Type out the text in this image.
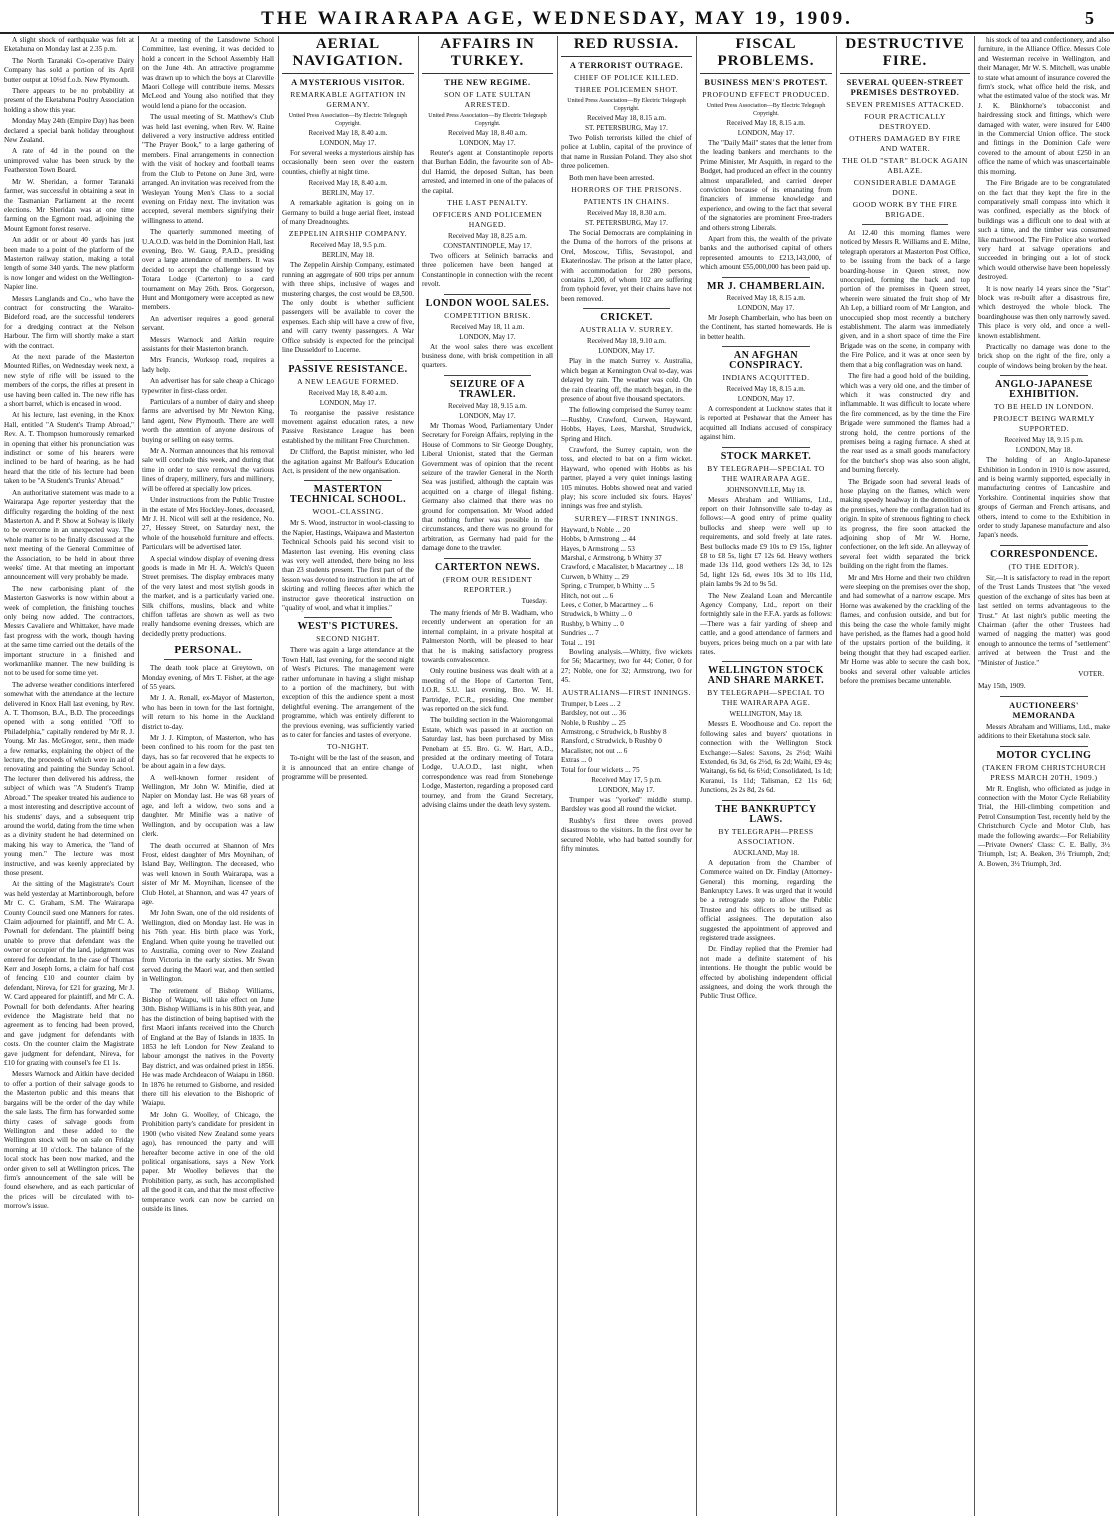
THE WAIRARAPA AGE, WEDNESDAY, MAY 19, 1909.	5

A slight shock of earthquake was felt at Eketahuna on Monday last at 2.35 p.m.

The North Taranaki Co-operative Dairy Company has sold a portion of its April butter output at 10½d f.o.b. New Plymouth.

There appears to be no probability at present of the Eketahuna Poultry Association holding a show this year.

Monday May 24th (Empire Day) has been declared a special bank holiday throughout New Zealand.

A rate of 4d in the pound on the unimproved value has been struck by the Featherston Town Board.

Mr W. Sheridan, a former Taranaki farmer, was successful in obtaining a seat in the Tasmanian Parliament at the recent elections. Mr Sheridan was at one time farming on the Egmont road, adjoining the Mount Egmont forest reserve.

An addit or or about 40 yards has just been made to a point of the platform of the Masterton railway station, making a total length of some 340 yards. The new platform is now longer and widest on the Wellington-Napier line.

Messrs Langlands and Co., who have the contract for constructing the Waraito-Bideford road, are the successful tenderers for a dredging contract at the Nelson Harbour. The firm will shortly make a start with the contract.

At the next parade of the Masterton Mounted Rifles, on Wednesday week next, a new style of rifle will be issued to the members of the corps, the rifles at present in use having been called in. The new rifle has a short barrel, which is encased in wood.

At his lecture, last evening, in the Knox Hall, entitled "A Student's Tramp Abroad," Rev. A. T. Thompson humorously remarked in opening that either his pronunciation was indistinct or some of his hearers were inclined to be hard of hearing, as he had heard that the title of his lecture had been taken to be "A Student's Trunks' Abroad."

An authoritative statement was made to a Wairarapa Age reporter yesterday that the difficulty regarding the holding of the next Masterton A. and P. Show at Solway is likely to be overcome in an unexpected way. The whole matter is to be finally discussed at the next meeting of the General Committee of the Association, to be held in about three weeks' time. At that meeting an important announcement will very probably be made.

The new carbonising plant of the Masterton Gasworks is now within about a week of completion, the finishing touches only being now added. The contractors, Messrs Cavaliere and Whittaker, have made fast progress with the work, though having at the same time carried out the details of the important structure in a finished and workmanlike manner. The new building is not to be used for some time yet.

The adverse weather conditions interfered somewhat with the attendance at the lecture delivered in Knox Hall last evening, by Rev. A. T. Thomson, B.A., B.D. The proceedings opened with a song entitled "Off to Philadelphia," capitally rendered by Mr R. J. Young. Mr Jas. McGregor, senr., then made a few remarks, explaining the object of the lecture, the proceeds of which were in aid of renovating and painting the Sunday School. The lecturer then delivered his address, the subject of which was "A Student's Tramp Abroad." The speaker treated his audience to a most interesting and descriptive account of his students' days, and a subsequent trip around the world, dating from the time when as a divinity student he had determined on making his way to America, the "land of young men." The lecture was most instructive, and was keenly appreciated by those present.

At the sitting of the Magistrate's Court was held yesterday at Martinborough, before Mr C. C. Graham, S.M. The Wairarapa County Council sued one Manners for rates. Claim adjourned for plaintiff, and Mr C. A. Pownall for defendant. The plaintiff being unable to prove that defendant was the owner or occupier of the land, judgment was entered for defendant. In the case of Thomas Kerr and Joseph Iorns, a claim for half cost of fencing £10 and counter claim by defendant, Nireva, for £21 for grazing, Mr J. W. Card appeared for plaintiff, and Mr C. A. Pownall for both defendants. After hearing evidence the Magistrate held that no agreement as to fencing had been proved, and gave judgment for defendants with costs. On the counter claim the Magistrate gave judgment for defendant, Nireva, for £10 for grazing with counsel's fee £1 1s.

Messrs Warnock and Aitkin have decided to offer a portion of their salvage goods to the Masterton public and this means that bargains will be the order of the day while the sale lasts. The firm has forwarded some thirty cases of salvage goods from Wellington and these added to the Wellington stock will be on sale on Friday morning at 10 o'clock. The balance of the local stock has been now marked, and the order given to sell at Wellington prices. The firm's announcement of the sale will be found elsewhere, and as each particular of the prices will be circulated with to-morrow's issue.

At a meeting of the Lansdowne School Committee, last evening, it was decided to hold a concert in the School Assembly Hall on the June 4th. An attractive programme was drawn up to which the boys at Clareville Maori College will contribute items. Messrs McLeod and Young also notified that they would lend a piano for the occasion.

The usual meeting of St. Matthew's Club was held last evening, when Rev. W. Raine delivered a very instructive address entitled "The Prayer Book," to a large gathering of members. Final arrangements in connection with the visit of hockey and football teams from the Club to Petone on June 3rd, were arranged. An invitation was received from the Wesleyan Young Men's Class to a social evening on Friday next. The invitation was accepted, several members signifying their willingness to attend.

The quarterly summoned meeting of U.A.O.D. was held in the Dominion Hall, last evening, Bro. W. Gaug, P.A.D., presiding over a large attendance of members. It was decided to accept the challenge issued by Totara Lodge (Carterton) to a card tournament on May 26th. Bros. Gorgerson, Hunt and Montgomery were accepted as new members.

An advertiser requires a good general servant.

Messrs Warnock and Aitkin require assistants for their Masterton branch.

Mrs Francis, Worksop road, requires a lady help.

An advertiser has for sale cheap a Chicago typewriter in first-class order.

Particulars of a number of dairy and sheep farms are advertised by Mr Newton King, land agent, New Plymouth. There are well worth the attention of anyone desirous of buying or selling on easy terms.

Mr A. Norman announces that his removal sale will conclude this week, and during that time in order to save removal the various lines of drapery, millinery, furs and millinery, will be offered at specially low prices.

Under instructions from the Public Trustee in the estate of Mrs Hockley-Jones, deceased, Mr J. H. Nicol will sell at the residence, No. 27, Hessey Street, on Saturday next, the whole of the household furniture and effects. Particulars will be advertised later.

A special window display of evening dress goods is made in Mr H. A. Welch's Queen Street premises. The display embraces many of the very latest and most stylish goods in the market, and is a particularly varied one. Silk chiffons, muslins, black and white chiffon taffetas are shown as well as two really handsome evening dresses, which are decidedly pretty productions.

PERSONAL.

The death took place at Greytown, on Monday evening, of Mrs T. Fisher, at the age of 55 years.

Mr J. A. Renall, ex-Mayor of Masterton, who has been in town for the last fortnight, will return to his home in the Auckland district to-day.

Mr J. J. Kimpton, of Masterton, who has been confined to his room for the past ten days, has so far recovered that he expects to be about again in a few days.

A well-known former resident of Wellington, Mr John W. Minifie, died at Napier on Monday last. He was 68 years of age, and left a widow, two sons and a daughter. Mr Minifie was a native of Wellington, and by occupation was a law clerk.

The death occurred at Shannon of Mrs Frost, eldest daughter of Mrs Moynihan, of Island Bay, Wellington. The deceased, who was well known in South Wairarapa, was a sister of Mr M. Moynihan, licensee of the Club Hotel, at Shannon, and was 47 years of age.

Mr John Swan, one of the old residents of Wellington, died on Monday last. He was in his 76th year. His birth place was York, England. When quite young he travelled out to Australia, coming over to New Zealand from Victoria in the early sixties. Mr Swan served during the Maori war, and then settled in Wellington.

The retirement of Bishop Williams, Bishop of Waiapu, will take effect on June 30th. Bishop Williams is in his 80th year, and has the distinction of being baptised with the first Maori infants received into the Church of England at the Bay of Islands in 1835. In 1853 he left London for New Zealand to labour amongst the natives in the Poverty Bay district, and was ordained priest in 1856. He was made Archdeacon of Waiapu in 1860. In 1876 he returned to Gisborne, and resided there till his elevation to the Bishopric of Waiapu.

Mr John G. Woolley, of Chicago, the Prohibition party's candidate for president in 1900 (who visited New Zealand some years ago), has renounced the party and will hereafter become active in one of the old political organisations, says a New York paper. Mr Woolley believes that the Prohibition party, as such, has accomplished all the good it can, and that the most effective temperance work can now be carried on outside its lines.

AERIAL NAVIGATION.
A MYSTERIOUS VISITOR.
REMARKABLE AGITATION IN GERMANY.
United Press Association—By Electric Telegraph Copyright.
Received May 18, 8.40 a.m.
LONDON, May 17.

For several weeks a mysterious airship has occasionally been seen over the eastern counties, chiefly at night time.

Received May 18, 8.40 a.m.
BERLIN, May 17.

A remarkable agitation is going on in Germany to build a huge aerial fleet, instead of many Dreadnoughts.

ZEPPELIN AIRSHIP COMPANY.
Received May 18, 9.5 p.m.
BERLIN, May 18.

The Zeppelin Airship Company, estimated running an aggregate of 600 trips per annum with three ships, inclusive of wages and mustering charges, the cost would be £8,500. The only doubt is whether sufficient passengers will be available to cover the expenses. Each ship will have a crew of five, and will carry twenty passengers. A War Office subsidy is expected for the principal line Dusseldorf to Lucerne.

PASSIVE RESISTANCE.
A NEW LEAGUE FORMED.
Received May 18, 8.40 a.m.
LONDON, May 17.

To reorganise the passive resistance movement against education rates, a new Passive Resistance League has been established by the militant Free Churchmen.

Dr Clifford, the Baptist minister, who led the agitation against Mr Balfour's Education Act, is president of the new organisation.

MASTERTON TECHNICAL SCHOOL.
WOOL-CLASSING.

Mr S. Wood, instructor in wool-classing to the Napier, Hastings, Waipawa and Masterton Technical Schools paid his second visit to Masterton last evening. His evening class was very well attended, there being no less than 23 students present. The first part of the lesson was devoted to instruction in the art of skirting and rolling fleeces after which the instructor gave theoretical instruction on "quality of wool, and what it implies."

WEST'S PICTURES.
SECOND NIGHT.

There was again a large attendance at the Town Hall, last evening, for the second night of West's Pictures. The management were rather unfortunate in having a slight mishap to a portion of the machinery, but with exception of this the audience spent a most delightful evening. The arrangement of the programme, which was entirely different to the previous evening, was sufficiently varied as to cater for fancies and tastes of everyone.

TO-NIGHT.

To-night will be the last of the season, and it is announced that an entire change of programme will be presented.

AFFAIRS IN TURKEY.
THE NEW REGIME.
SON OF LATE SULTAN ARRESTED.
United Press Association—By Electric Telegraph Copyright.
Received May 18, 8.40 a.m.
LONDON, May 17.

Reuter's agent at Constantinople reports that Burhan Eddin, the favourite son of Ab-dul Hamid, the deposed Sultan, has been arrested, and interned in one of the palaces of the capital.

THE LAST PENALTY.
OFFICERS AND POLICEMEN HANGED.
Received May 18, 8.25 a.m.
CONSTANTINOPLE, May 17.

Two officers at Selinich barracks and three policemen have been hanged at Constantinople in connection with the recent revolt.

LONDON WOOL SALES.
COMPETITION BRISK.
Received May 18, 11 a.m.
LONDON, May 17.

At the wool sales there was excellent business done, with brisk competition in all quarters.

SEIZURE OF A TRAWLER.
Received May 18, 9.15 a.m.
LONDON, May 17.

Mr Thomas Wood, Parliamentary Under Secretary for Foreign Affairs, replying in the House of Commons to Sir George Doughty, Liberal Unionist, stated that the German Government was of opinion that the recent seizure of the trawler General in the North Sea was justified, although the captain was acquitted on a charge of illegal fishing. Germany also claimed that there was no ground for compensation. Mr Wood added that nothing further was possible in the circumstances, and there was no ground for arbitration, as Germany had paid for the damage done to the trawler.

CARTERTON NEWS.
(FROM OUR RESIDENT REPORTER.)
Tuesday.

The many friends of Mr B. Wadham, who recently underwent an operation for an internal complaint, in a private hospital at Palmerston North, will be pleased to hear that he is making satisfactory progress towards convalescence.

Only routine business was dealt with at a meeting of the Hope of Carterton Tent, I.O.R. S.U. last evening, Bro. W. H. Partridge, P.C.R., presiding. One member was reported on the sick fund.

The building section in the Waiorongomai Estate, which was passed in at auction on Saturday last, has been purchased by Miss Peneham at £5. Bro. G. W. Hart, A.D., presided at the ordinary meeting of Totara Lodge, U.A.O.D., last night, when correspondence was read from Stonehenge Lodge, Masterton, regarding a proposed card tourney, and from the Grand Secretary, advising claims under the death levy system.

RED RUSSIA.
A TERRORIST OUTRAGE.
CHIEF OF POLICE KILLED.
THREE POLICEMEN SHOT.
United Press Association—By Electric Telegraph Copyright.
Received May 18, 8.15 a.m.
ST. PETERSBURG, May 17.

Two Polish terrorists killed the chief of police at Lublin, capital of the province of that name in Russian Poland. They also shot three policemen.

Both men have been arrested.

HORRORS OF THE PRISONS.
PATIENTS IN CHAINS.
Received May 18, 8.30 a.m.
ST. PETERSBURG, May 17.

The Social Democrats are complaining in the Duma of the horrors of the prisons at Orel, Moscow, Tiflis, Sevastopol, and Ekaterinoslav. The prison at the latter place, with accommodation for 280 persons, contains 1,200, of whom 102 are suffering from typhoid fever, yet their chains have not been removed.

CRICKET.
AUSTRALIA V. SURREY.
Received May 18, 9.10 a.m.
LONDON, May 17.

Play in the match Surrey v. Australia, which began at Kennington Oval to-day, was delayed by rain. The weather was cold. On the rain clearing off, the match began, in the presence of about five thousand spectators.

The following comprised the Surrey team:—Rushby, Crawford, Curwen, Hayward, Hobbs, Hayes, Lees, Marshal, Strudwick, Spring and Hitch.

Crawford, the Surrey captain, won the toss, and elected to bat on a firm wicket. Hayward, who opened with Hobbs as his partner, played a very quiet innings lasting 105 minutes. Hobbs showed neat and varied play; his score included six fours. Hayes' innings was free and stylish.

SURREY—FIRST INNINGS.
Hayward, b Noble ... 20
Hobbs, b Armstrong ... 44
Hayes, b Armstrong ... 53
Marshal, c Armstrong, b Whitty 37
Crawford, c Macalister, b Macartney ... 18
Curwen, b Whitty ... 29
Spring, c Trumper, b Whitty ... 5
Hitch, not out ... 6
Lees, c Cotter, b Macartney ... 6
Strudwick, b Whitty ... 0
Rushby, b Whitty ... 0
Sundries ... 7
Total ... 191

Bowling analysis.—Whitty, five wickets for 56; Macartney, two for 44; Cotter, 0 for 27; Noble, one for 32; Armstrong, two for 45.

AUSTRALIANS—FIRST INNINGS.
Trumper, b Lees ... 2
Bardsley, not out ... 36
Noble, b Rushby ... 25
Armstrong, c Strudwick, b Rushby 8
Ransford, c Strudwick, b Rushby 0
Macalister, not out ... 6
Extras ... 0
Total for four wickets ... 75
Received May 17, 5 p.m.
LONDON, May 17.

Trumper was "yorked" middle stump. Bardsley was good all round the wicket.

Rushby's first three overs proved disastrous to the visitors. In the first over he secured Noble, who had batted soundly for fifty minutes.

FISCAL PROBLEMS.
BUSINESS MEN'S PROTEST.
PROFOUND EFFECT PRODUCED.
United Press Association—By Electric Telegraph Copyright.
Received May 18, 8.15 a.m.
LONDON, May 17.

The "Daily Mail" states that the letter from the leading bankers and merchants to the Prime Minister, Mr Asquith, in regard to the Budget, had produced an effect in the country almost unparalleled, and carried deeper conviction because of its emanating from financiers of immense knowledge and experience, and owing to the fact that several of the signatories are prominent Free-traders and others strong Liberals.

Apart from this, the wealth of the private banks and the authorised capital of others represented amounts to £213,143,000, of which amount £55,000,000 has been paid up.

MR J. CHAMBERLAIN.
Received May 18, 8.15 a.m.
LONDON, May 17.

Mr Joseph Chamberlain, who has been on the Continent, has started homewards. He is in better health.

AN AFGHAN CONSPIRACY.
INDIANS ACQUITTED.
Received May 18, 8.15 a.m.
LONDON, May 17.

A correspondent at Lucknow states that it is reported at Peshawar that the Ameer has acquitted all Indians accused of conspiracy against him.

STOCK MARKET.
BY TELEGRAPH—SPECIAL TO THE WAIRARAPA AGE.
JOHNSONVILLE, May 18.

Messrs Abraham and Williams, Ltd., report on their Johnsonville sale to-day as follows:—A good entry of prime quality bullocks and sheep were well up to requirements, and sold freely at late rates. Best bullocks made £9 10s to £9 15s, lighter £8 to £8 5s, light £7 12s 6d. Heavy wethers made 13s 11d, good wethers 12s 3d, to 12s 5d, light 12s 6d, ewes 10s 3d to 10s 11d, plain lambs 9s 2d to 9s 5d.

The New Zealand Loan and Mercantile Agency Company, Ltd., report on their fortnightly sale in the F.F.A. yards as follows:—There was a fair yarding of sheep and cattle, and a good attendance of farmers and buyers, prices being much on a par with late rates.

WELLINGTON STOCK AND SHARE MARKET.
BY TELEGRAPH—SPECIAL TO THE WAIRARAPA AGE.
WELLINGTON, May 18.

Messrs E. Woodhouse and Co. report the following sales and buyers' quotations in connection with the Wellington Stock Exchange:—Sales: Saxons, 2s 2½d; Waihi Extended, 6s 3d, 6s 2½d, 6s 2d; Waihi, £9 4s; Waitangi, 6s 6d, 6s 6½d; Consolidated, 1s 1d; Kuranui, 1s 11d; Talisman, £2 11s 6d; Junctions, 2s 2s 8d, 2s 6d.

THE BANKRUPTCY LAWS.
BY TELEGRAPH—PRESS ASSOCIATION.
AUCKLAND, May 18.

A deputation from the Chamber of Commerce waited on Dr. Findlay (Attorney-General) this morning, regarding the Bankruptcy Laws. It was urged that it would be a retrograde step to allow the Public Trustee and his officers to be utilised as official assignees. The deputation also suggested the appointment of approved and registered trade assignees.

Dr. Findlay replied that the Premier had not made a definite statement of his intentions. He thought the public would be effected by abolishing independent official assignees, and doing the work through the Public Trust Office.

DESTRUCTIVE FIRE.
SEVERAL QUEEN-STREET PREMISES DESTROYED.
SEVEN PREMISES ATTACKED.
FOUR PRACTICALLY DESTROYED.
OTHERS DAMAGED BY FIRE AND WATER.
THE OLD "STAR" BLOCK AGAIN ABLAZE.
CONSIDERABLE DAMAGE DONE.
GOOD WORK BY THE FIRE BRIGADE.

At 12.40 this morning flames were noticed by Messrs R. Williams and E. Milne, telegraph operators at Masterton Post Office, to be issuing from the back of a large boarding-house in Queen street, now unoccupied, forming the back and top portion of the premises in Queen street, wherein were situated the fruit shop of Mr Ah Lep, a billiard room of Mr Langton, and unoccupied shop most recently a butchery establishment. The alarm was immediately given, and in a short space of time the Fire Brigade was on the scene, in company with the Fire Police, and it was at once seen by them that a big conflagration was on hand.

The fire had a good hold of the building, which was a very old one, and the timber of which it was constructed dry and inflammable. It was difficult to locate where the fire commenced, as by the time the Fire Brigade were summoned the flames had a strong hold, the centre portions of the premises being a raging furnace. A shed at the rear used as a small goods manufactory for the butcher's shop was also soon alight, and burning fiercely.

The Brigade soon had several leads of hose playing on the flames, which were making speedy headway in the demolition of the premises, where the conflagration had its origin. In spite of strenuous fighting to check its progress, the fire soon attacked the adjoining shop of Mr W. Horne, confectioner, on the left side. An alleyway of several feet width separated the brick building on the right from the flames.

Mr and Mrs Horne and their two children were sleeping on the premises over the shop, and had somewhat of a narrow escape. Mrs Horne was awakened by the crackling of the flames, and confusion outside, and but for this being the case the whole family might have perished, as the flames had a good hold of the upstairs portion of the building, it being thought that they had escaped earlier. Mr Horne was able to secure the cash box, books and several other valuable articles before the premises became untenable.

his stock of tea and confectionery, and also furniture, in the Alliance Office. Messrs Cole and Westerman receive in Wellington, and their Manager, Mr W. S. Mitchell, was unable to state what amount of insurance covered the firm's stock, what office held the risk, and what the estimated value of the stock was. Mr J. K. Blinkhorne's tobacconist and hairdressing stock and fittings, which were damaged with water, were insured for £400 in the Commercial Union office. The stock and fittings in the Dominion Cafe were covered to the amount of about £250 in an office the name of which was unascertainable this morning.

The Fire Brigade are to be congratulated on the fact that they kept the fire in the comparatively small compass into which it was confined, especially as the block of buildings was a difficult one to deal with at such a time, and the timber was consumed like matchwood. The Fire Police also worked very hard at salvage operations and succeeded in bringing out a lot of stock which would otherwise have been hopelessly destroyed.

It is now nearly 14 years since the "Star" block was re-built after a disastrous fire, which destroyed the whole block. The boardinghouse was then only narrowly saved. This place is very old, and once a well-known establishment.

Practically no damage was done to the brick shop on the right of the fire, only a couple of windows being broken by the heat.

ANGLO-JAPANESE EXHIBITION.
TO BE HELD IN LONDON.
PROJECT BEING WARMLY SUPPORTED.
Received May 18, 9.15 p.m.
LONDON, May 18.

The holding of an Anglo-Japanese Exhibition in London in 1910 is now assured, and is being warmly supported, especially in manufacturing centres of Lancashire and Yorkshire. Continental inquiries show that groups of German and French artisans, and others, intend to come to the Exhibition in order to study Japanese manufacture and also Japan's needs.

CORRESPONDENCE.
(TO THE EDITOR).

Sir,—It is satisfactory to read in the report of the Trust Lands Trustees that "the vexed question of the exchange of sites has been at last settled on terms advantageous to the Trust." At last night's public meeting the Chairman (after the other Trustees had warned of nagging the matter) was good enough to announce the terms of "settlement" arrived at between the Trust and the "Minister of Justice."

VOTER.
May 15th, 1909.
AUCTIONEERS' MEMORANDA

Messrs Abraham and Williams, Ltd., make additions to their Eketahuna stock sale.

MOTOR CYCLING
(TAKEN FROM CHRISTCHURCH PRESS MARCH 20TH, 1909.)

Mr R. English, who officiated as judge in connection with the Motor Cycle Reliability Trial, the Hill-climbing competition and Petrol Consumption Test, recently held by the Christchurch Cycle and Motor Club, has made the following awards:—For Reliability—Private Owners' Class: C. E. Bally, 3½ Triumph, 1st; A. Beaken, 3½ Triumph, 2nd; A. Bowen, 3½ Triumph, 3rd.
